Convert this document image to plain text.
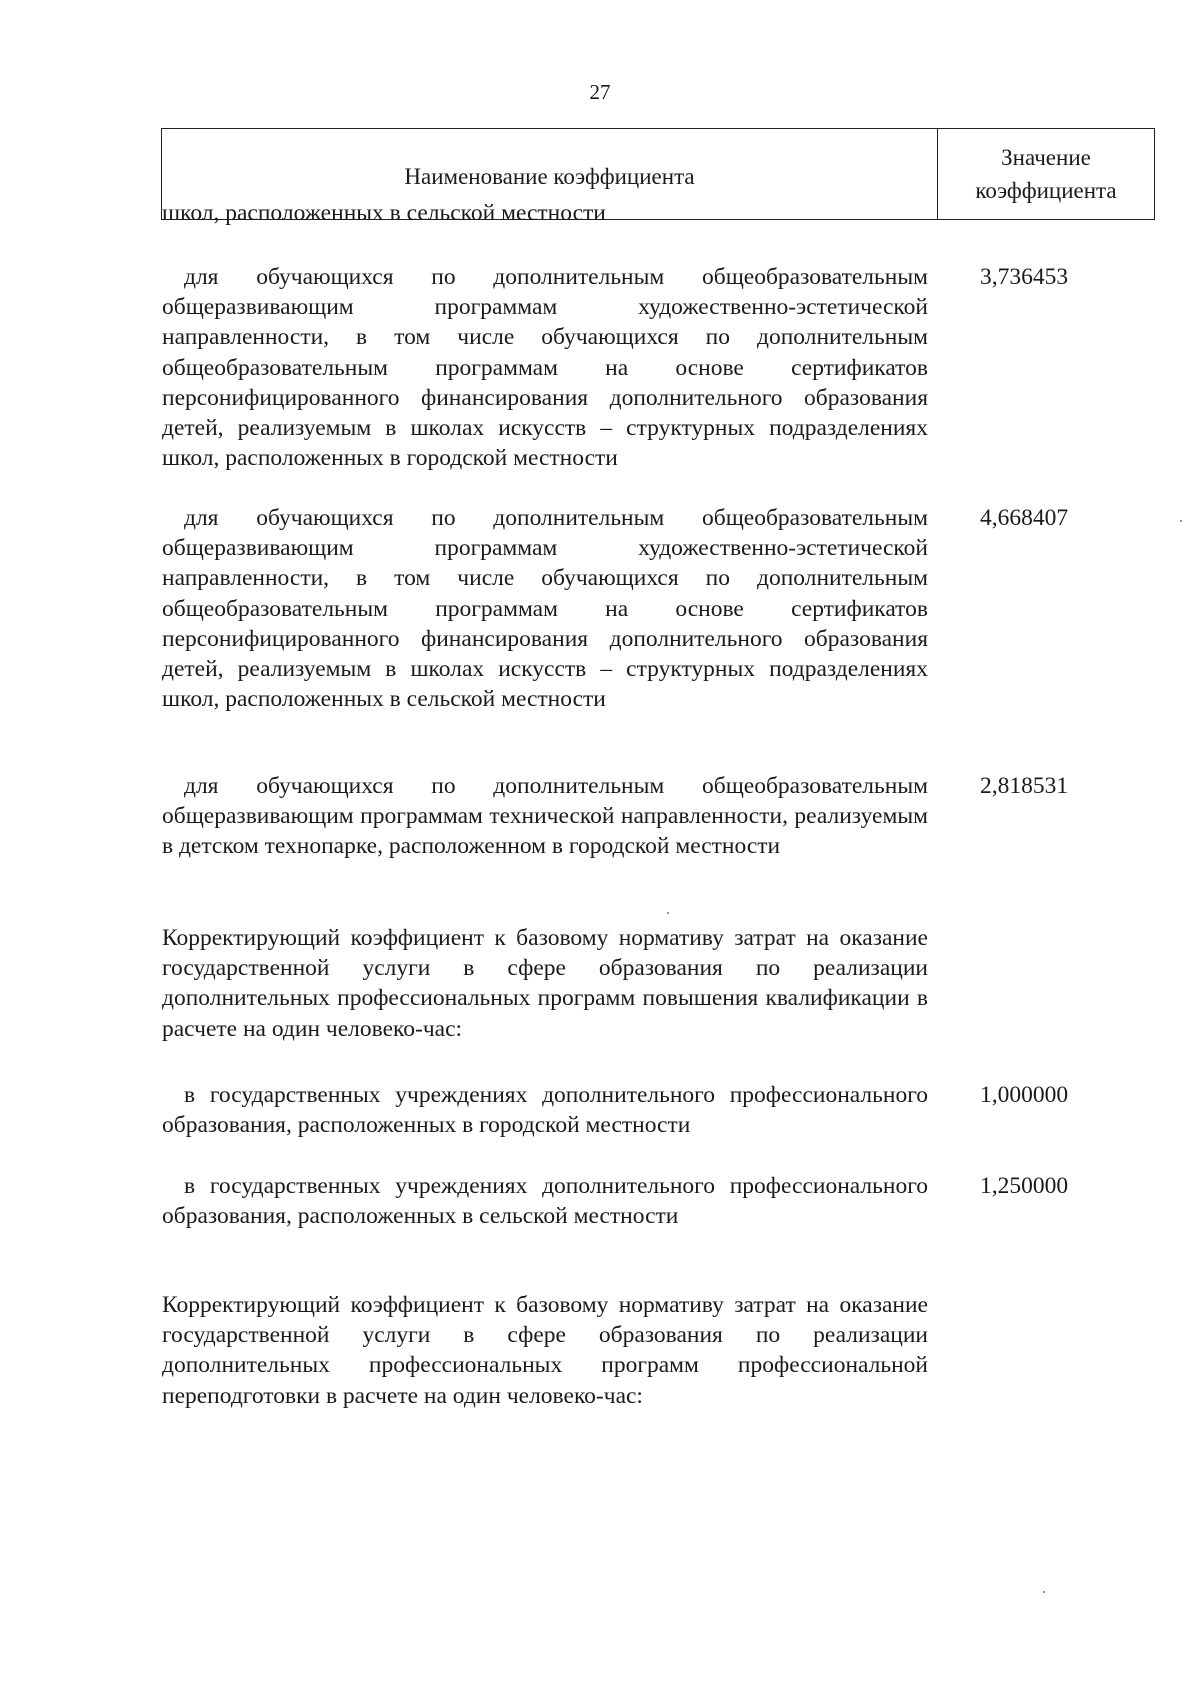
27
Наименование коэффициента
Значение коэффициента
школ, расположенных в сельской местности
для обучающихся по дополнительным общеобразовательным общеразвивающим программам художественно-эстетической направленности, в том числе обучающихся по дополнительным общеобразовательным программам на основе сертификатов персонифицированного финансирования дополнительного образования детей, реализуемым в школах искусств – структурных подразделениях школ, расположенных в городской местности
3,736453
для обучающихся по дополнительным общеобразовательным общеразвивающим программам художественно-эстетической направленности, в том числе обучающихся по дополнительным общеобразовательным программам на основе сертификатов персонифицированного финансирования дополнительного образования детей, реализуемым в школах искусств – структурных подразделениях школ, расположенных в сельской местности
4,668407
для обучающихся по дополнительным общеобразовательным общеразвивающим программам технической направленности, реализуемым в детском технопарке, расположенном в городской местности
2,818531
Корректирующий коэффициент к базовому нормативу затрат на оказание государственной услуги в сфере образования по реализации дополнительных профессиональных программ повышения квалификации в расчете на один человеко-час:
в государственных учреждениях дополнительного профессионального образования, расположенных в городской местности
1,000000
в государственных учреждениях дополнительного профессионального образования, расположенных в сельской местности
1,250000
Корректирующий коэффициент к базовому нормативу затрат на оказание государственной услуги в сфере образования по реализации дополнительных профессиональных программ профессиональной переподготовки в расчете на один человеко-час:
